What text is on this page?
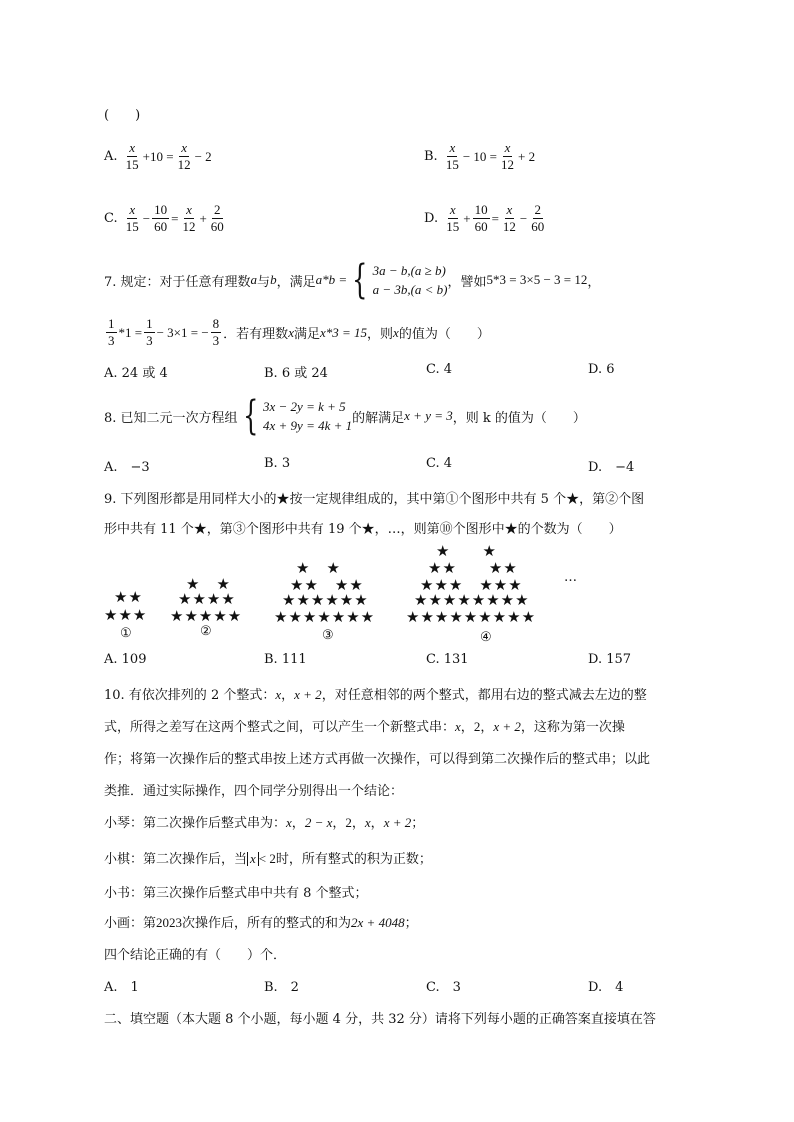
(　　)
A.
$\frac{x}{15} +10 = \frac{x}{12} - 2$	B.
$\frac{x}{15} - 10 = \frac{x}{12} + 2$
C.
$\frac{x}{15} - \frac{10}{60} = \frac{x}{12} + \frac{2}{60}$	D.
$\frac{x}{15} + \frac{10}{60} = \frac{x}{12} - \frac{2}{60}$
7. 规定：对于任意有理数 a 与 b ，满足 a*b = { 3a − b,(a ≥ b)
a − 3b,(a < b) ，譬如 5*3 = 3×5 − 3 = 12 ，
$\frac{1}{3} *1 = \frac{1}{3} - 3\times 1$ = − $\frac{8}{3}$ ．若有理数 x 满足 x*3 = 15 ，则 x 的值为（　　）
A. 24 或 4	B. 6 或 24	C. 4	D. 6
8. 已知二元一次方程组 { 3x − 2y = k + 5
4x + 9y = 4k + 1 的解满足 x + y = 3 ，则 k 的值为（　　）
A.　−3	B. 3	C. 4	D.　−4
9. 下列图形都是用同样大小的★按一定规律组成的，其中第①个图形中共有 5 个★，第②个图
形中共有 11 个★，第③个图形中共有 19 个★，…，则第⑩个图形中★的个数为（　　）
★★
★★★
①
★　★
★★★★
★★★★★
②
★　★
★★　★★
★★★★★★
★★★★★★★
③
★　　★
★★　　★★
★★★　★★★
★★★★★★★★
★★★★★★★★★
④
…
A. 109	B. 111	C. 131	D. 157
10. 有依次排列的 2 个整式：x，x + 2，对任意相邻的两个整式，都用右边的整式减去左边的整
式，所得之差写在这两个整式之间，可以产生一个新整式串：x，2，x + 2，这称为第一次操
作；将第一次操作后的整式串按上述方式再做一次操作，可以得到第二次操作后的整式串；以此
类推．通过实际操作，四个同学分别得出一个结论：
小琴：第二次操作后整式串为：x，2 − x，2，x，x + 2；
小棋：第二次操作后，当 x < 2时，所有整式的积为正数；
小书：第三次操作后整式串中共有 8 个整式；
小画：第2023次操作后，所有的整式的和为2x + 4048；
四个结论正确的有（　　）个．
A.　1	B.　2	C.　3	D.　4
二、填空题（本大题 8 个小题，每小题 4 分，共 32 分）请将下列每小题的正确答案直接填在答
